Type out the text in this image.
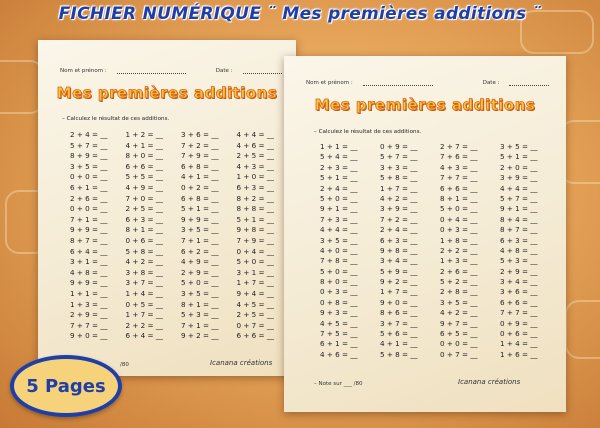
FICHIER NUMÉRIQUE ¨ Mes premières additions ¨
Nom et prénom :	Date :
Mes premières additions
– Calculez le résultat de ces additions.
2 + 4 = __	1 + 2 = __	3 + 6 = __	4 + 4 = __
5 + 7 = __	4 + 1 = __	7 + 2 = __	4 + 6 = __
8 + 9 = __	8 + 0 = __	7 + 9 = __	2 + 5 = __
3 + 5 = __	6 + 6 = __	6 + 8 = __	4 + 3 = __
0 + 0 = __	5 + 5 = __	4 + 1 = __	1 + 0 = __
6 + 1 = __	4 + 9 = __	0 + 2 = __	6 + 3 = __
2 + 6 = __	7 + 0 = __	6 + 8 = __	8 + 2 = __
0 + 0 = __	2 + 5 = __	5 + 1 = __	8 + 8 = __
7 + 1 = __	6 + 3 = __	9 + 9 = __	5 + 1 = __
9 + 9 = __	8 + 1 = __	3 + 5 = __	9 + 8 = __
8 + 7 = __	0 + 6 = __	7 + 1 = __	7 + 9 = __
6 + 4 = __	5 + 8 = __	6 + 2 = __	0 + 4 = __
3 + 1 = __	4 + 2 = __	4 + 9 = __	5 + 0 = __
4 + 8 = __	3 + 8 = __	2 + 9 = __	3 + 1 = __
9 + 9 = __	3 + 7 = __	5 + 0 = __	1 + 7 = __
1 + 1 = __	1 + 4 = __	3 + 5 = __	9 + 4 = __
1 + 3 = __	0 + 5 = __	8 + 1 = __	4 + 5 = __
2 + 9 = __	1 + 7 = __	5 + 3 = __	2 + 5 = __
7 + 7 = __	2 + 2 = __	7 + 1 = __	0 + 7 = __
9 + 0 = __	6 + 4 = __	9 + 2 = __	6 + 6 = __
/80	Icanana créations
Nom et prénom :	Date :
Mes premières additions
– Calculez le résultat de ces additions.
1 + 1 = __	0 + 9 = __	2 + 7 = __	3 + 5 = __
5 + 4 = __	5 + 7 = __	7 + 6 = __	5 + 1 = __
2 + 3 = __	3 + 3 = __	4 + 3 = __	2 + 0 = __
5 + 1 = __	5 + 8 = __	7 + 7 = __	3 + 9 = __
2 + 4 = __	1 + 7 = __	6 + 6 = __	4 + 4 = __
5 + 0 = __	4 + 2 = __	8 + 1 = __	5 + 7 = __
9 + 1 = __	3 + 9 = __	5 + 0 = __	9 + 1 = __
7 + 3 = __	7 + 2 = __	0 + 4 = __	8 + 4 = __
4 + 4 = __	2 + 4 = __	0 + 3 = __	8 + 7 = __
3 + 5 = __	6 + 3 = __	1 + 8 = __	6 + 3 = __
4 + 0 = __	9 + 8 = __	2 + 2 = __	4 + 8 = __
7 + 8 = __	3 + 4 = __	1 + 3 = __	5 + 3 = __
5 + 0 = __	5 + 9 = __	2 + 6 = __	2 + 9 = __
8 + 0 = __	9 + 2 = __	5 + 2 = __	3 + 4 = __
0 + 3 = __	1 + 7 = __	2 + 8 = __	3 + 6 = __
0 + 8 = __	9 + 0 = __	3 + 5 = __	6 + 6 = __
9 + 3 = __	8 + 6 = __	4 + 2 = __	7 + 7 = __
4 + 5 = __	3 + 7 = __	9 + 7 = __	0 + 9 = __
7 + 5 = __	5 + 6 = __	6 + 5 = __	0 + 6 = __
6 + 1 = __	4 + 1 = __	0 + 0 = __	1 + 4 = __
4 + 6 = __	5 + 8 = __	0 + 7 = __	1 + 6 = __
– Note sur ___ /80	Icanana créations
5 Pages
